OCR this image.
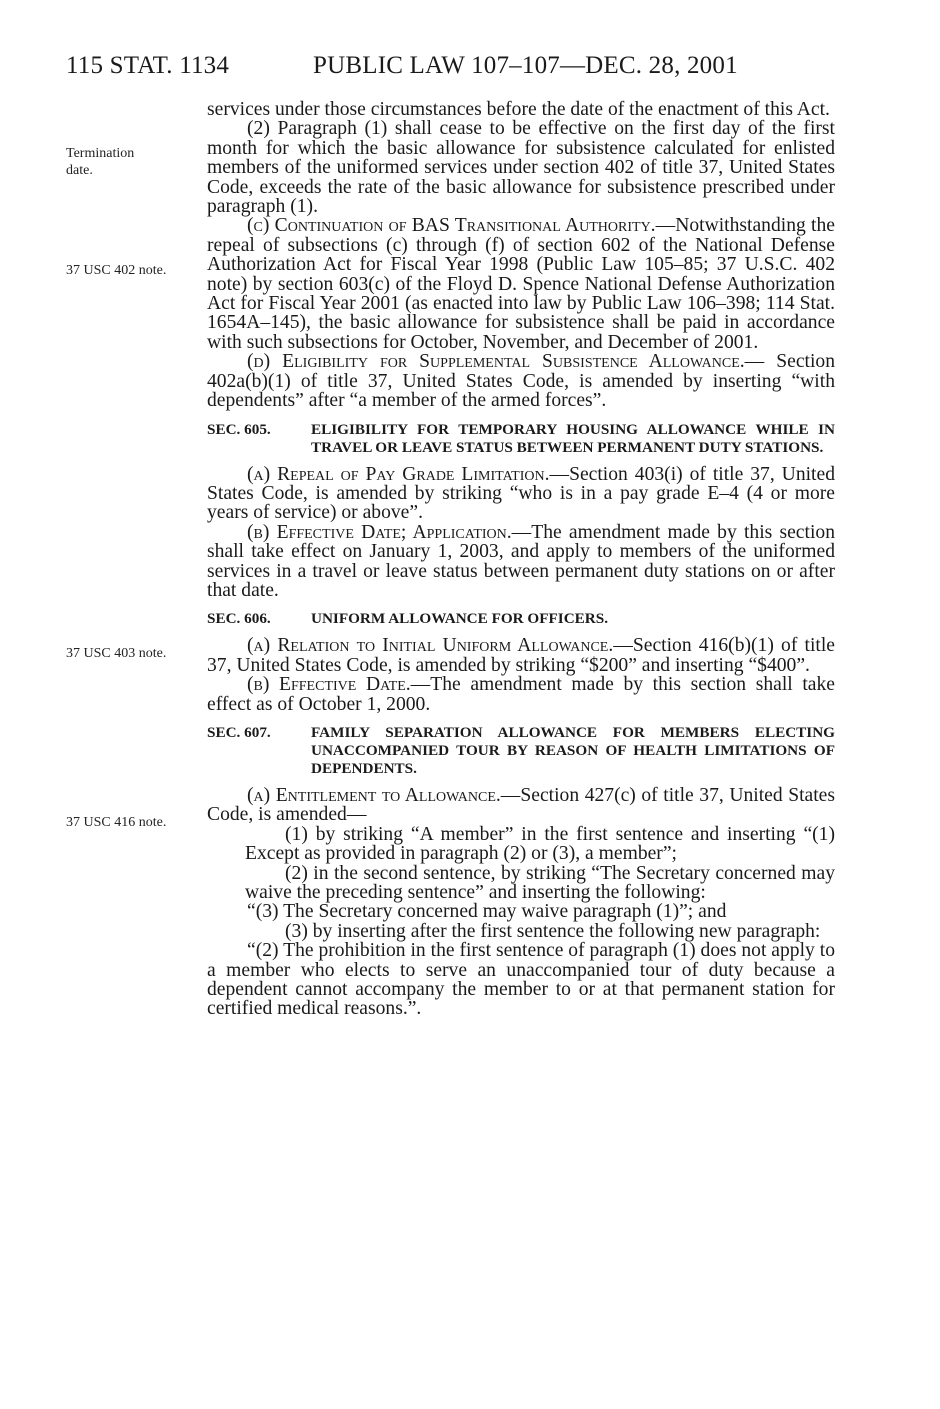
115 STAT. 1134	PUBLIC LAW 107–107—DEC. 28, 2001
Termination
date.
37 USC 402 note.
37 USC 403 note.
37 USC 416 note.

services under those circumstances before the date of the enactment of this Act.

(2) Paragraph (1) shall cease to be effective on the first day of the first month for which the basic allowance for subsistence calculated for enlisted members of the uniformed services under section 402 of title 37, United States Code, exceeds the rate of the basic allowance for subsistence prescribed under paragraph (1).

(c) Continuation of BAS Transitional Authority.—Notwithstanding the repeal of subsections (c) through (f) of section 602 of the National Defense Authorization Act for Fiscal Year 1998 (Public Law 105–85; 37 U.S.C. 402 note) by section 603(c) of the Floyd D. Spence National Defense Authorization Act for Fiscal Year 2001 (as enacted into law by Public Law 106–398; 114 Stat. 1654A–145), the basic allowance for subsistence shall be paid in accordance with such subsections for October, November, and December of 2001.

(d) Eligibility for Supplemental Subsistence Allowance.— Section 402a(b)(1) of title 37, United States Code, is amended by inserting “with dependents” after “a member of the armed forces”.

SEC. 605.	ELIGIBILITY FOR TEMPORARY HOUSING ALLOWANCE WHILE IN TRAVEL OR LEAVE STATUS BETWEEN PERMANENT DUTY STATIONS.

(a) Repeal of Pay Grade Limitation.—Section 403(i) of title 37, United States Code, is amended by striking “who is in a pay grade E–4 (4 or more years of service) or above”.

(b) Effective Date; Application.—The amendment made by this section shall take effect on January 1, 2003, and apply to members of the uniformed services in a travel or leave status between permanent duty stations on or after that date.

SEC. 606.	UNIFORM ALLOWANCE FOR OFFICERS.

(a) Relation to Initial Uniform Allowance.—Section 416(b)(1) of title 37, United States Code, is amended by striking “$200” and inserting “$400”.

(b) Effective Date.—The amendment made by this section shall take effect as of October 1, 2000.

SEC. 607.	FAMILY SEPARATION ALLOWANCE FOR MEMBERS ELECTING UNACCOMPANIED TOUR BY REASON OF HEALTH LIMITATIONS OF DEPENDENTS.

(a) Entitlement to Allowance.—Section 427(c) of title 37, United States Code, is amended—

(1) by striking “A member” in the first sentence and inserting “(1) Except as provided in paragraph (2) or (3), a member”;

(2) in the second sentence, by striking “The Secretary concerned may waive the preceding sentence” and inserting the following:

“(3) The Secretary concerned may waive paragraph (1)”; and

(3) by inserting after the first sentence the following new paragraph:

“(2) The prohibition in the first sentence of paragraph (1) does not apply to a member who elects to serve an unaccompanied tour of duty because a dependent cannot accompany the member to or at that permanent station for certified medical reasons.”.
